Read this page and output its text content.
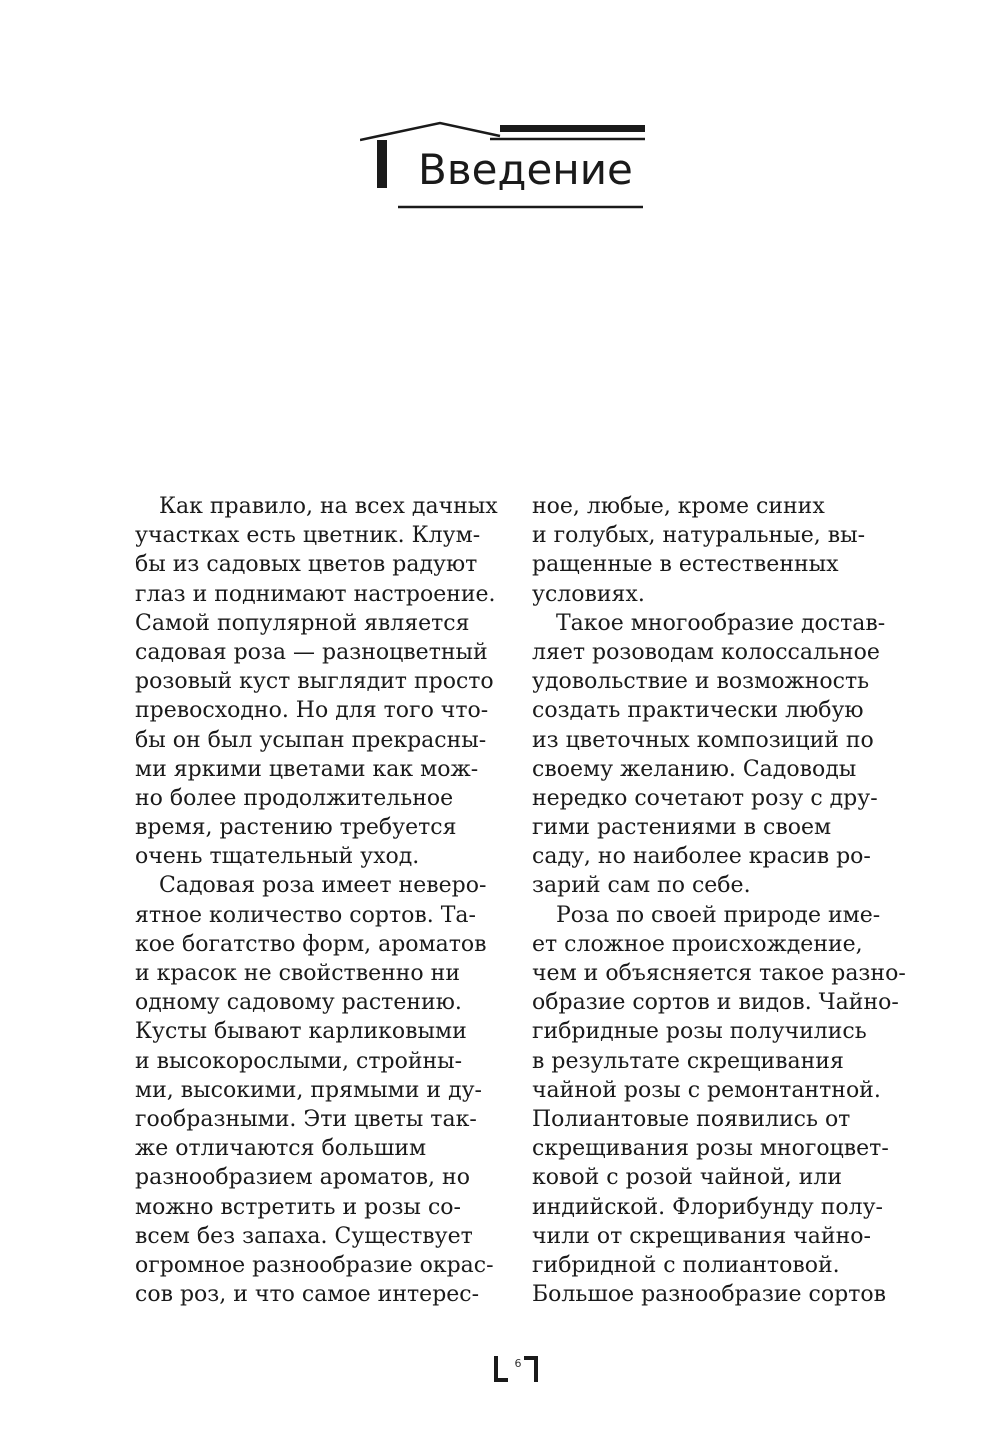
Введение
Как правило, на всех дачных
участках есть цветник. Клум-
бы из садовых цветов радуют
глаз и поднимают настроение.
Самой популярной является
садовая роза — разноцветный
розовый куст выглядит просто
превосходно. Но для того что-
бы он был усыпан прекрасны-
ми яркими цветами как мож-
но более продолжительное
время, растению требуется
очень тщательный уход.
Садовая роза имеет неверо-
ятное количество сортов. Та-
кое богатство форм, ароматов
и красок не свойственно ни
одному садовому растению.
Кусты бывают карликовыми
и высокорослыми, стройны-
ми, высокими, прямыми и ду-
гообразными. Эти цветы так-
же отличаются большим
разнообразием ароматов, но
можно встретить и розы со-
всем без запаха. Существует
огромное разнообразие окрас-
сов роз, и что самое интерес-
ное, любые, кроме синих
и голубых, натуральные, вы-
ращенные в естественных
условиях.
Такое многообразие достав-
ляет розоводам колоссальное
удовольствие и возможность
создать практически любую
из цветочных композиций по
своему желанию. Садоводы
нередко сочетают розу с дру-
гими растениями в своем
саду, но наиболее красив ро-
зарий сам по себе.
Роза по своей природе име-
ет сложное происхождение,
чем и объясняется такое разно-
образие сортов и видов. Чайно-
гибридные розы получились
в результате скрещивания
чайной розы с ремонтантной.
Полиантовые появились от
скрещивания розы многоцвет-
ковой с розой чайной, или
индийской. Флорибунду полу-
чили от скрещивания чайно-
гибридной с полиантовой.
Большое разнообразие сортов
6
